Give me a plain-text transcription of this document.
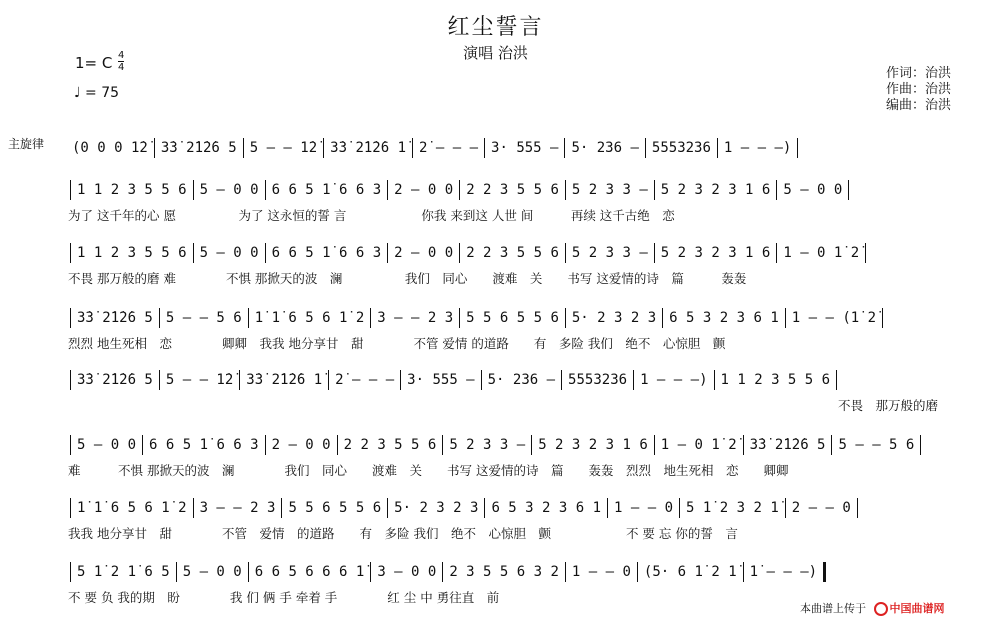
红尘誓言
演唱 治洪
1= C 4
4
♩ = 75
作词：治洪
作曲：治洪
编曲：治洪
主旋律 (0 0 0 1̇2̇ 3̇3̇ 2̇1̇2̇6 5 5 – – 1̇2̇ 3̇3̇ 2̇1̇2̇6 1̇ 2̇ – – – 3· 555 – 5· 236 – 5553236 1 – – –)
1 1 2 3 5 5 6 5 – 0 0 6 6 5 1̇ 6 6 3 2 – 0 0 2 2 3 5 5 6 5 2 3 3 – 5 2 3 2 3 1 6 5 – 0 0
为了 这千年的心 愿　　　　　为了 这永恒的誓 言　　　　　　你我 来到这 人世 间　　　再续 这千古绝　恋
1 1 2 3 5 5 6 5 – 0 0 6 6 5 1̇ 6 6 3 2 – 0 0 2 2 3 5 5 6 5 2 3 3 – 5 2 3 2 3 1 6 1 – 0 1̇ 2̇
不畏 那万般的磨 难　　　　不惧 那掀天的波　澜　　　　　我们　同心　　渡难　关　　书写 这爱情的诗　篇　　　轰轰
3̇3̇ 2̇1̇2̇6 5 5 – – 5 6 1̇ 1̇ 6 5 6 1̇ 2 3 – – 2 3 5 5 6 5 5 6 5· 2 3 2 3 6 5 3 2 3 6 1 1 – – (1̇ 2̇
烈烈 地生死相　恋　　　　卿卿　我我 地分享甘　甜　　　　不管 爱情 的道路　　有　多险 我们　绝不　心惊胆　颤
3̇3̇ 2̇1̇2̇6 5 5 – – 1̇2̇ 3̇3̇ 2̇1̇2̇6 1̇ 2̇ – – – 3· 555 – 5· 236 – 5553236 1 – – –) 1 1 2 3 5 5 6
不畏　那万般的磨
5 – 0 0 6 6 5 1̇ 6 6 3 2 – 0 0 2 2 3 5 5 6 5 2 3 3 – 5 2 3 2 3 1 6 1 – 0 1̇ 2̇ 3̇3̇ 2̇1̇2̇6 5 5 – – 5 6
难　　　不惧 那掀天的波　澜　　　　我们　同心　　渡难　关　　书写 这爱情的诗　篇　　轰轰　烈烈　地生死相　恋　　卿卿
1̇ 1̇ 6 5 6 1̇ 2 3 – – 2 3 5 5 6 5 5 6 5· 2 3 2 3 6 5 3 2 3 6 1 1 – – 0 5 1̇ 2 3 2 1̇ 2 – – 0
我我 地分享甘　甜　　　　不管　爱情　的道路　　有　多险 我们　绝不　心惊胆　颤　　　　　　不 要 忘 你的誓　言
5 1̇ 2 1̇ 6 5 5 – 0 0 6 6 5 6 6 6 1̇ 3 – 0 0 2 3 5 5 6 3 2 1 – – 0 (5· 6 1̇ 2 1̇ 1̇ – – –)
不 要 负 我的期　盼　　　　我 们 俩 手 牵着 手　　　　红 尘 中 勇往直　前
本曲谱上传于 中国曲谱网
